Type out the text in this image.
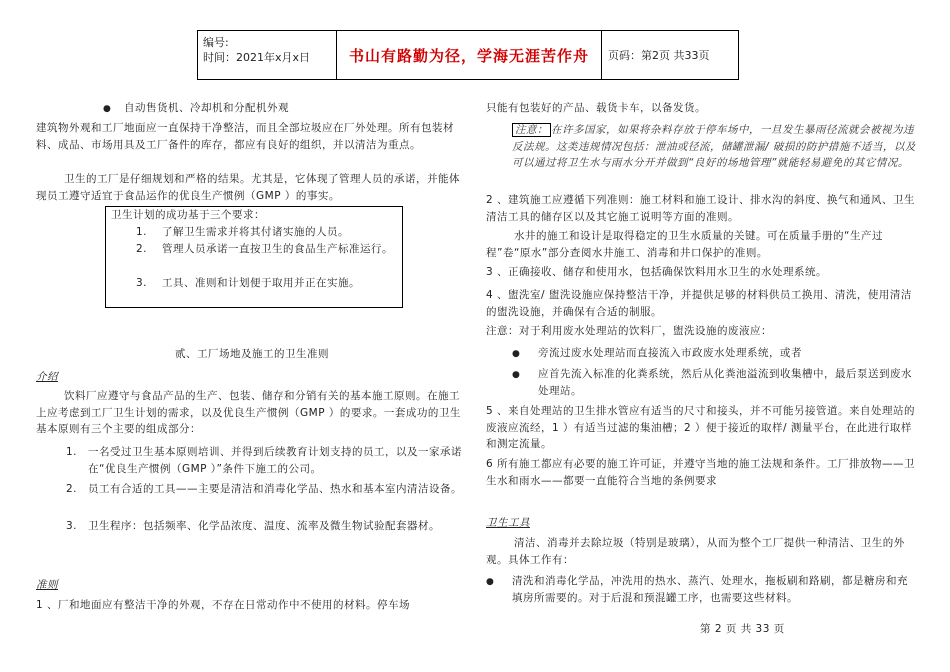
编号:
时间：2021年x月x日	书山有路勤为径，学海无涯苦作舟	页码：第2页 共33页
● 自动售货机、冷却机和分配机外观

建筑物外观和工厂地面应一直保持干净整洁，而且全部垃圾应在厂外处理。所有包装材料、成品、市场用具及工厂备件的库存，都应有良好的组织，并以清洁为重点。

卫生的工厂是仔细规划和严格的结果。尤其是，它体现了管理人员的承诺，并能体现员工遵守适宜于食品运作的优良生产惯例（GMP ）的事实。

卫生计划的成功基于三个要求：
1. 了解卫生需求并将其付诸实施的人员。
2. 管理人员承诺一直按卫生的食品生产标准运行。
3. 工具、准则和计划便于取用并正在实施。
贰、工厂场地及施工的卫生准则
介绍

饮料厂应遵守与食品产品的生产、包装、储存和分销有关的基本施工原则。在施工上应考虑到工厂卫生计划的需求，以及优良生产惯例（GMP ）的要求。一套成功的卫生基本原则有三个主要的组成部分：

1. 一名受过卫生基本原则培训、并得到后续教育计划支持的员工，以及一家承诺在“优良生产惯例（GMP ）”条件下施工的公司。

2. 员工有合适的工具——主要是清洁和消毒化学品、热水和基本室内清洁设备。

3. 卫生程序：包括频率、化学品浓度、温度、流率及微生物试验配套器材。

准则

1 、厂和地面应有整洁干净的外观，不存在日常动作中不使用的材料。停车场

只能有包装好的产品、载货卡车，以备发货。

注意： 在许多国家，如果将杂料存放于停车场中，一旦发生暴雨径流就会被视为违反法规。这类违规情况包括：泄油或径流，储罐泄漏/ 破损的防护措施不适当，以及可以通过将卫生水与雨水分开并做到“良好的场地管理”就能轻易避免的其它情况。

2 、建筑施工应遵循下列准则：施工材料和施工设计、排水沟的斜度、换气和通风、卫生清洁工具的储存区以及其它施工说明等方面的准则。

水井的施工和设计是取得稳定的卫生水质量的关键。可在质量手册的“生产过程”卷“原水”部分查阅水井施工、消毒和井口保护的准则。

3 、正确接收、储存和使用水，包括确保饮料用水卫生的水处理系统。

4 、盥洗室/ 盥洗设施应保持整洁干净，并提供足够的材料供员工换用、清洗，使用清洁的盥洗设施，并确保有合适的制服。

注意：对于利用废水处理站的饮料厂，盥洗设施的废液应：

● 旁流过废水处理站而直接流入市政废水处理系统，或者

● 应首先流入标准的化粪系统，然后从化粪池溢流到收集槽中，最后泵送到废水处理站。

5 、来自处理站的卫生排水管应有适当的尺寸和接头，并不可能另接管道。来自处理站的废液应流经，1 ）有适当过滤的集油槽；2 ）便于接近的取样/ 测量平台，在此进行取样和测定流量。

6 所有施工都应有必要的施工许可证，并遵守当地的施工法规和条件。工厂排放物——卫生水和雨水——都要一直能符合当地的条例要求

卫生工具

清洁、消毒并去除垃圾（特别是玻璃），从而为整个工厂提供一种清洁、卫生的外观。具体工作有：

● 清洗和消毒化学品，冲洗用的热水、蒸汽、处理水，拖板刷和路刷，都是糖房和充填房所需要的。对于后混和预混罐工序，也需要这些材料。

第 2 页 共 33 页
